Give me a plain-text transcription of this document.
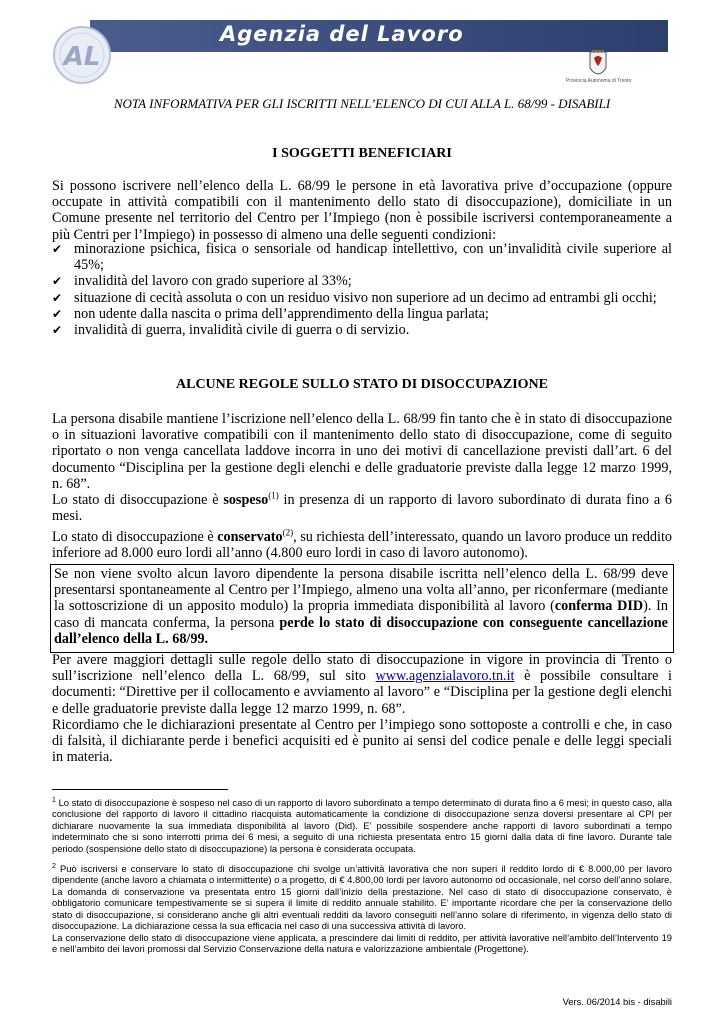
Agenzia del Lavoro
AL
Provincia Autonoma di Trento
NOTA INFORMATIVA PER GLI ISCRITTI NELL’ELENCO DI CUI ALLA L. 68/99 - DISABILI
I SOGGETTI BENEFICIARI

Si possono iscrivere nell’elenco della L. 68/99 le persone in età lavorativa prive d’occupazione (oppure occupate in attività compatibili con il mantenimento dello stato di disoccupazione), domiciliate in un Comune presente nel territorio del Centro per l’Impiego (non è possibile iscriversi contemporaneamente a più Centri per l’Impiego) in possesso di almeno una delle seguenti condizioni:

✔ minorazione psichica, fisica o sensoriale od handicap intellettivo, con un’invalidità civile superiore al 45%;
✔ invalidità del lavoro con grado superiore al 33%;
✔ situazione di cecità assoluta o con un residuo visivo non superiore ad un decimo ad entrambi gli occhi;
✔ non udente dalla nascita o prima dell’apprendimento della lingua parlata;
✔ invalidità di guerra, invalidità civile di guerra o di servizio.
ALCUNE REGOLE SULLO STATO DI DISOCCUPAZIONE

La persona disabile mantiene l’iscrizione nell’elenco della L. 68/99 fin tanto che è in stato di disoccupazione o in situazioni lavorative compatibili con il mantenimento dello stato di disoccupazione, come di seguito riportato o non venga cancellata laddove incorra in uno dei motivi di cancellazione previsti dall’art. 6 del documento “Disciplina per la gestione degli elenchi e delle graduatorie previste dalla legge 12 marzo 1999, n. 68”.

Lo stato di disoccupazione è sospeso$^{(1)}$ in presenza di un rapporto di lavoro subordinato di durata fino a 6 mesi.

Lo stato di disoccupazione è conservato$^{(2)}$, su richiesta dell’interessato, quando un lavoro produce un reddito inferiore ad 8.000 euro lordi all’anno (4.800 euro lordi in caso di lavoro autonomo).

Se non viene svolto alcun lavoro dipendente la persona disabile iscritta nell’elenco della L. 68/99 deve presentarsi spontaneamente al Centro per l’Impiego, almeno una volta all’anno, per riconfermare (mediante la sottoscrizione di un apposito modulo) la propria immediata disponibilità al lavoro (conferma DID). In caso di mancata conferma, la persona perde lo stato di disoccupazione con conseguente cancellazione dall’elenco della L. 68/99.

Per avere maggiori dettagli sulle regole dello stato di disoccupazione in vigore in provincia di Trento o sull’iscrizione nell’elenco della L. 68/99, sul sito www.agenzialavoro.tn.it è possibile consultare i documenti: “Direttive per il collocamento e avviamento al lavoro” e “Disciplina per la gestione degli elenchi e delle graduatorie previste dalla legge 12 marzo 1999, n. 68”.

Ricordiamo che le dichiarazioni presentate al Centro per l’impiego sono sottoposte a controlli e che, in caso di falsità, il dichiarante perde i benefici acquisiti ed è punito ai sensi del codice penale e delle leggi speciali in materia.

$^1$ Lo stato di disoccupazione è sospeso nel caso di un rapporto di lavoro subordinato a tempo determinato di durata fino a 6 mesi; in questo caso, alla conclusione del rapporto di lavoro il cittadino riacquista automaticamente la condizione di disoccupazione senza doversi presentare al CPI per dichiarare nuovamente la sua immediata disponibilità al lavoro (Did). E’ possibile sospendere anche rapporti di lavoro subordinati a tempo indeterminato che si sono interrotti prima dei 6 mesi, a seguito di una richiesta presentata entro 15 giorni dalla data di fine lavoro. Durante tale periodo (sospensione dello stato di disoccupazione) la persona è considerata occupata.

$^2$ Può iscriversi e conservare lo stato di disoccupazione chi svolge un’attività lavorativa che non superi il reddito lordo di € 8.000,00 per lavoro dipendente (anche lavoro a chiamata o intermittente) o a progetto, di € 4.800,00 lordi per lavoro autonomo od occasionale, nel corso dell’anno solare. La domanda di conservazione va presentata entro 15 giorni dall’inizio della prestazione. Nel caso di stato di disoccupazione conservato, è obbligatorio comunicare tempestivamente se si supera il limite di reddito annuale stabilito. E’ importante ricordare che per la conservazione dello stato di disoccupazione, si considerano anche gli altri eventuali redditi da lavoro conseguiti nell’anno solare di riferimento, in vigenza dello stato di disoccupazione. La dichiarazione cessa la sua efficacia nel caso di una successiva attività di lavoro.

La conservazione dello stato di disoccupazione viene applicata, a prescindere dai limiti di reddito, per attività lavorative nell’ambito dell’Intervento 19 e nell’ambito dei lavori promossi dal Servizio Conservazione della natura e valorizzazione ambientale (Progettone).

Vers. 06/2014 bis - disabili
